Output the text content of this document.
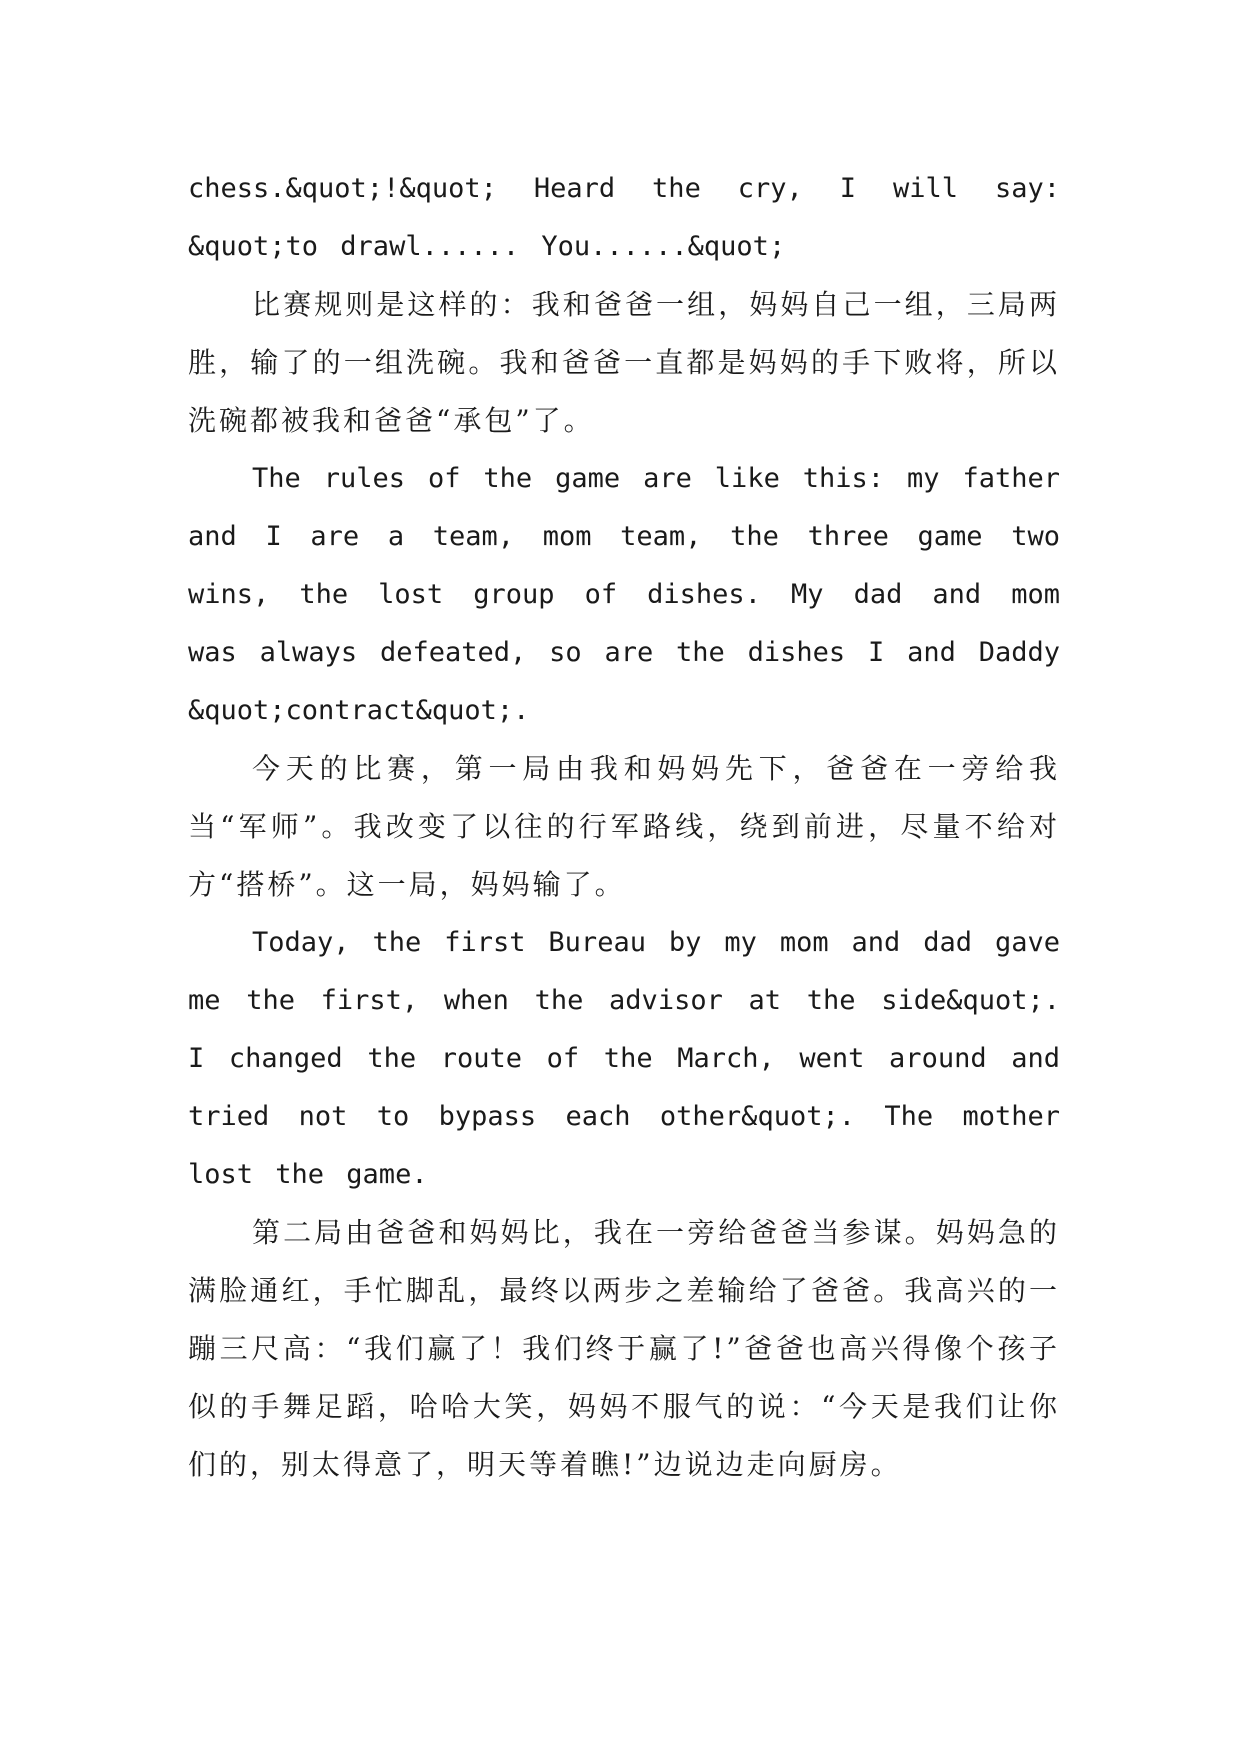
chess.&quot;!&quot; Heard the cry, I will say: &quot;to drawl...... You......&quot;

比赛规则是这样的：我和爸爸一组，妈妈自己一组，三局两胜，输了的一组洗碗。我和爸爸一直都是妈妈的手下败将，所以洗碗都被我和爸爸“承包”了。

The rules of the game are like this: my father and I are a team, mom team, the three game two wins, the lost group of dishes. My dad and mom was always defeated, so are the dishes I and Daddy &quot;contract&quot;.

今天的比赛，第一局由我和妈妈先下，爸爸在一旁给我当“军师”。我改变了以往的行军路线，绕到前进，尽量不给对方“搭桥”。这一局，妈妈输了。

Today, the first Bureau by my mom and dad gave me the first, when the advisor at the side&quot;. I changed the route of the March, went around and tried not to bypass each other&quot;. The mother lost the game.

第二局由爸爸和妈妈比，我在一旁给爸爸当参谋。妈妈急的满脸通红，手忙脚乱，最终以两步之差输给了爸爸。我高兴的一蹦三尺高：“我们赢了！我们终于赢了!”爸爸也高兴得像个孩子似的手舞足蹈，哈哈大笑，妈妈不服气的说：“今天是我们让你们的，别太得意了，明天等着瞧!”边说边走向厨房。
